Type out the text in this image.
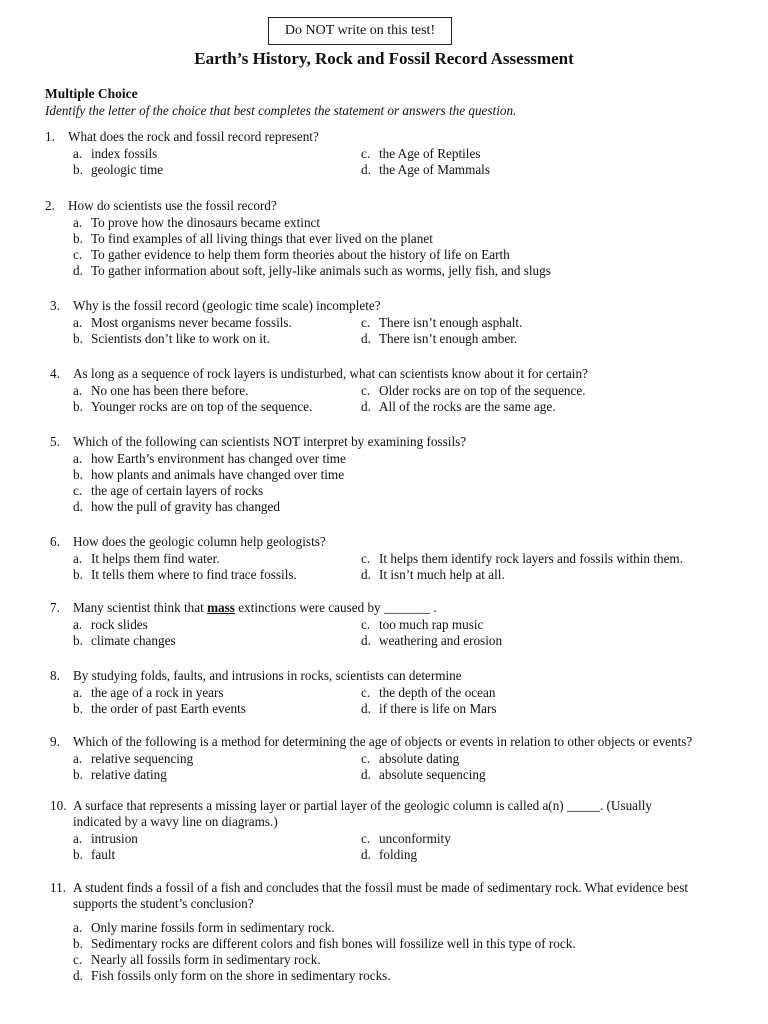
Do NOT write on this test!
Earth’s History, Rock and Fossil Record Assessment
Multiple Choice
Identify the letter of the choice that best completes the statement or answers the question.
1. What does the rock and fossil record represent?
a. index fossils
b. geologic time
c. the Age of Reptiles
d. the Age of Mammals
2. How do scientists use the fossil record?
a. To prove how the dinosaurs became extinct
b. To find examples of all living things that ever lived on the planet
c. To gather evidence to help them form theories about the history of life on Earth
d. To gather information about soft, jelly-like animals such as worms, jelly fish, and slugs
3. Why is the fossil record (geologic time scale) incomplete?
a. Most organisms never became fossils.
b. Scientists don’t like to work on it.
c. There isn’t enough asphalt.
d. There isn’t enough amber.
4. As long as a sequence of rock layers is undisturbed, what can scientists know about it for certain?
a. No one has been there before.
b. Younger rocks are on top of the sequence.
c. Older rocks are on top of the sequence.
d. All of the rocks are the same age.
5. Which of the following can scientists NOT interpret by examining fossils?
a. how Earth’s environment has changed over time
b. how plants and animals have changed over time
c. the age of certain layers of rocks
d. how the pull of gravity has changed
6. How does the geologic column help geologists?
a. It helps them find water.
b. It tells them where to find trace fossils.
c. It helps them identify rock layers and fossils within them.
d. It isn’t much help at all.
7. Many scientist think that mass extinctions were caused by _______ .
a. rock slides
b. climate changes
c. too much rap music
d. weathering and erosion
8. By studying folds, faults, and intrusions in rocks, scientists can determine
a. the age of a rock in years
b. the order of past Earth events
c. the depth of the ocean
d. if there is life on Mars
9. Which of the following is a method for determining the age of objects or events in relation to other objects or events?
a. relative sequencing
b. relative dating
c. absolute dating
d. absolute sequencing
10. A surface that represents a missing layer or partial layer of the geologic column is called a(n) _____. (Usually
indicated by a wavy line on diagrams.)
a. intrusion
b. fault
c. unconformity
d. folding
11. A student finds a fossil of a fish and concludes that the fossil must be made of sedimentary rock. What evidence best
supports the student’s conclusion?
a. Only marine fossils form in sedimentary rock.
b. Sedimentary rocks are different colors and fish bones will fossilize well in this type of rock.
c. Nearly all fossils form in sedimentary rock.
d. Fish fossils only form on the shore in sedimentary rocks.
